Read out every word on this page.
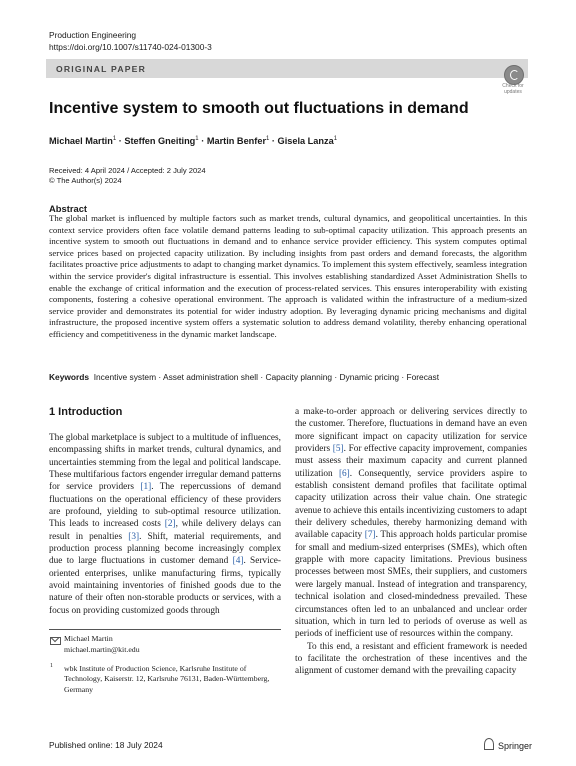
Production Engineering
https://doi.org/10.1007/s11740-024-01300-3
ORIGINAL PAPER
Check for updates
Incentive system to smooth out fluctuations in demand
Michael Martin$^1$ · Steffen Gneiting$^1$ · Martin Benfer$^1$ · Gisela Lanza$^1$
Received: 4 April 2024 / Accepted: 2 July 2024
© The Author(s) 2024
Abstract
The global market is influenced by multiple factors such as market trends, cultural dynamics, and geopolitical uncertainties. In this context service providers often face volatile demand patterns leading to sub-optimal capacity utilization. This approach presents an incentive system to smooth out fluctuations in demand and to enhance service provider efficiency. This system computes optimal service prices based on projected capacity utilization. By including insights from past orders and demand forecasts, the algorithm facilitates proactive price adjustments to adapt to changing market dynamics. To implement this system effectively, seamless integration within the service provider's digital infrastructure is essential. This involves establishing standardized Asset Administration Shells to enable the exchange of critical information and the execution of process-related services. This ensures interoperability with existing components, fostering a cohesive operational environment. The approach is validated within the infrastructure of a medium-sized service provider and demonstrates its potential for wider industry adoption. By leveraging dynamic pricing mechanisms and digital infrastructure, the proposed incentive system offers a systematic solution to address demand volatility, thereby enhancing operational efficiency and competitiveness in the dynamic market landscape.
Keywords Incentive system · Asset administration shell · Capacity planning · Dynamic pricing · Forecast
1 Introduction

The global marketplace is subject to a multitude of influences, encompassing shifts in market trends, cultural dynamics, and uncertainties stemming from the legal and political landscape. These multifarious factors engender irregular demand patterns for service providers [1]. The repercussions of demand fluctuations on the operational efficiency of these providers are profound, yielding to sub-optimal resource utilization. This leads to increased costs [2], while delivery delays can result in penalties [3]. Shift, material requirements, and production process planning become increasingly complex due to large fluctuations in customer demand [4]. Service-oriented enterprises, unlike manufacturing firms, typically avoid maintaining inventories of finished goods due to the nature of their often non-storable products or services, with a focus on providing customized goods through

a make-to-order approach or delivering services directly to the customer. Therefore, fluctuations in demand have an even more significant impact on capacity utilization for service providers [5]. For effective capacity improvement, companies must assess their maximum capacity and current planned utilization [6]. Consequently, service providers aspire to establish consistent demand profiles that facilitate optimal capacity utilization across their value chain. One strategic avenue to achieve this entails incentivizing customers to adapt their delivery schedules, thereby harmonizing demand with available capacity [7]. This approach holds particular promise for small and medium-sized enterprises (SMEs), which often grapple with more capacity limitations. Previous business processes between most SMEs, their suppliers, and customers were largely manual. Instead of integration and transparency, technical isolation and closed-mindedness prevailed. These circumstances often led to an unbalanced and unclear order situation, which in turn led to periods of overuse as well as periods of inefficient use of resources within the company.

To this end, a resistant and efficient framework is needed to facilitate the orchestration of these incentives and the alignment of customer demand with the prevailing capacity

Michael Martin
michael.martin@kit.edu
1 wbk Institute of Production Science, Karlsruhe Institute of Technology, Kaiserstr. 12, Karlsruhe 76131, Baden-Württemberg, Germany
Published online: 18 July 2024	Springer
